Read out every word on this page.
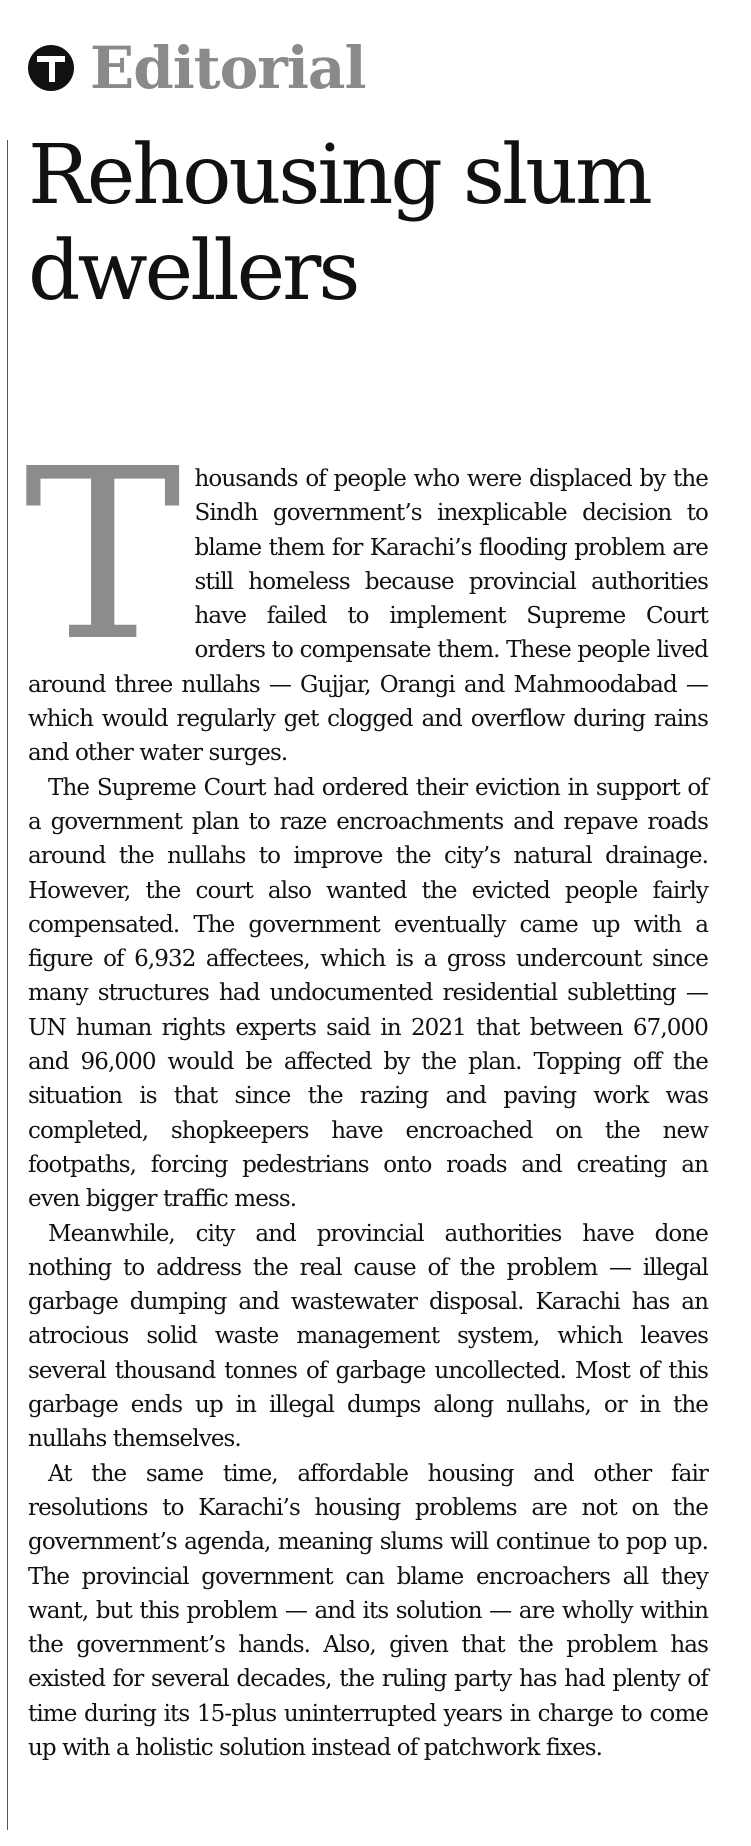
Editorial
Rehousing slum dwellers

Thousands of people who were displaced by the Sindh government’s inexplicable decision to blame them for Karachi’s flooding problem are still homeless because provincial authorities have failed to implement Supreme Court orders to compensate them. These people lived around three nullahs — Gujjar, Orangi and Mahmoodabad — which would regularly get clogged and overflow during rains and other water surges.

The Supreme Court had ordered their eviction in support of a government plan to raze encroachments and repave roads around the nullahs to improve the city’s natural drainage. However, the court also wanted the evicted people fairly compensated. The government eventually came up with a figure of 6,932 affectees, which is a gross undercount since many structures had undocumented residential subletting — UN human rights experts said in 2021 that between 67,000 and 96,000 would be affected by the plan. Topping off the situation is that since the razing and paving work was completed, shopkeepers have encroached on the new footpaths, forcing pedestrians onto roads and creating an even bigger traffic mess.

Meanwhile, city and provincial authorities have done nothing to address the real cause of the problem — illegal garbage dumping and wastewater disposal. Karachi has an atrocious solid waste management system, which leaves several thousand tonnes of garbage uncollected. Most of this garbage ends up in illegal dumps along nullahs, or in the nullahs themselves.

At the same time, affordable housing and other fair resolutions to Karachi’s housing problems are not on the government’s agenda, meaning slums will continue to pop up. The provincial government can blame encroachers all they want, but this problem — and its solution — are wholly within the government’s hands. Also, given that the problem has existed for several decades, the ruling party has had plenty of time during its 15-plus uninterrupted years in charge to come up with a holistic solution instead of patchwork fixes.
